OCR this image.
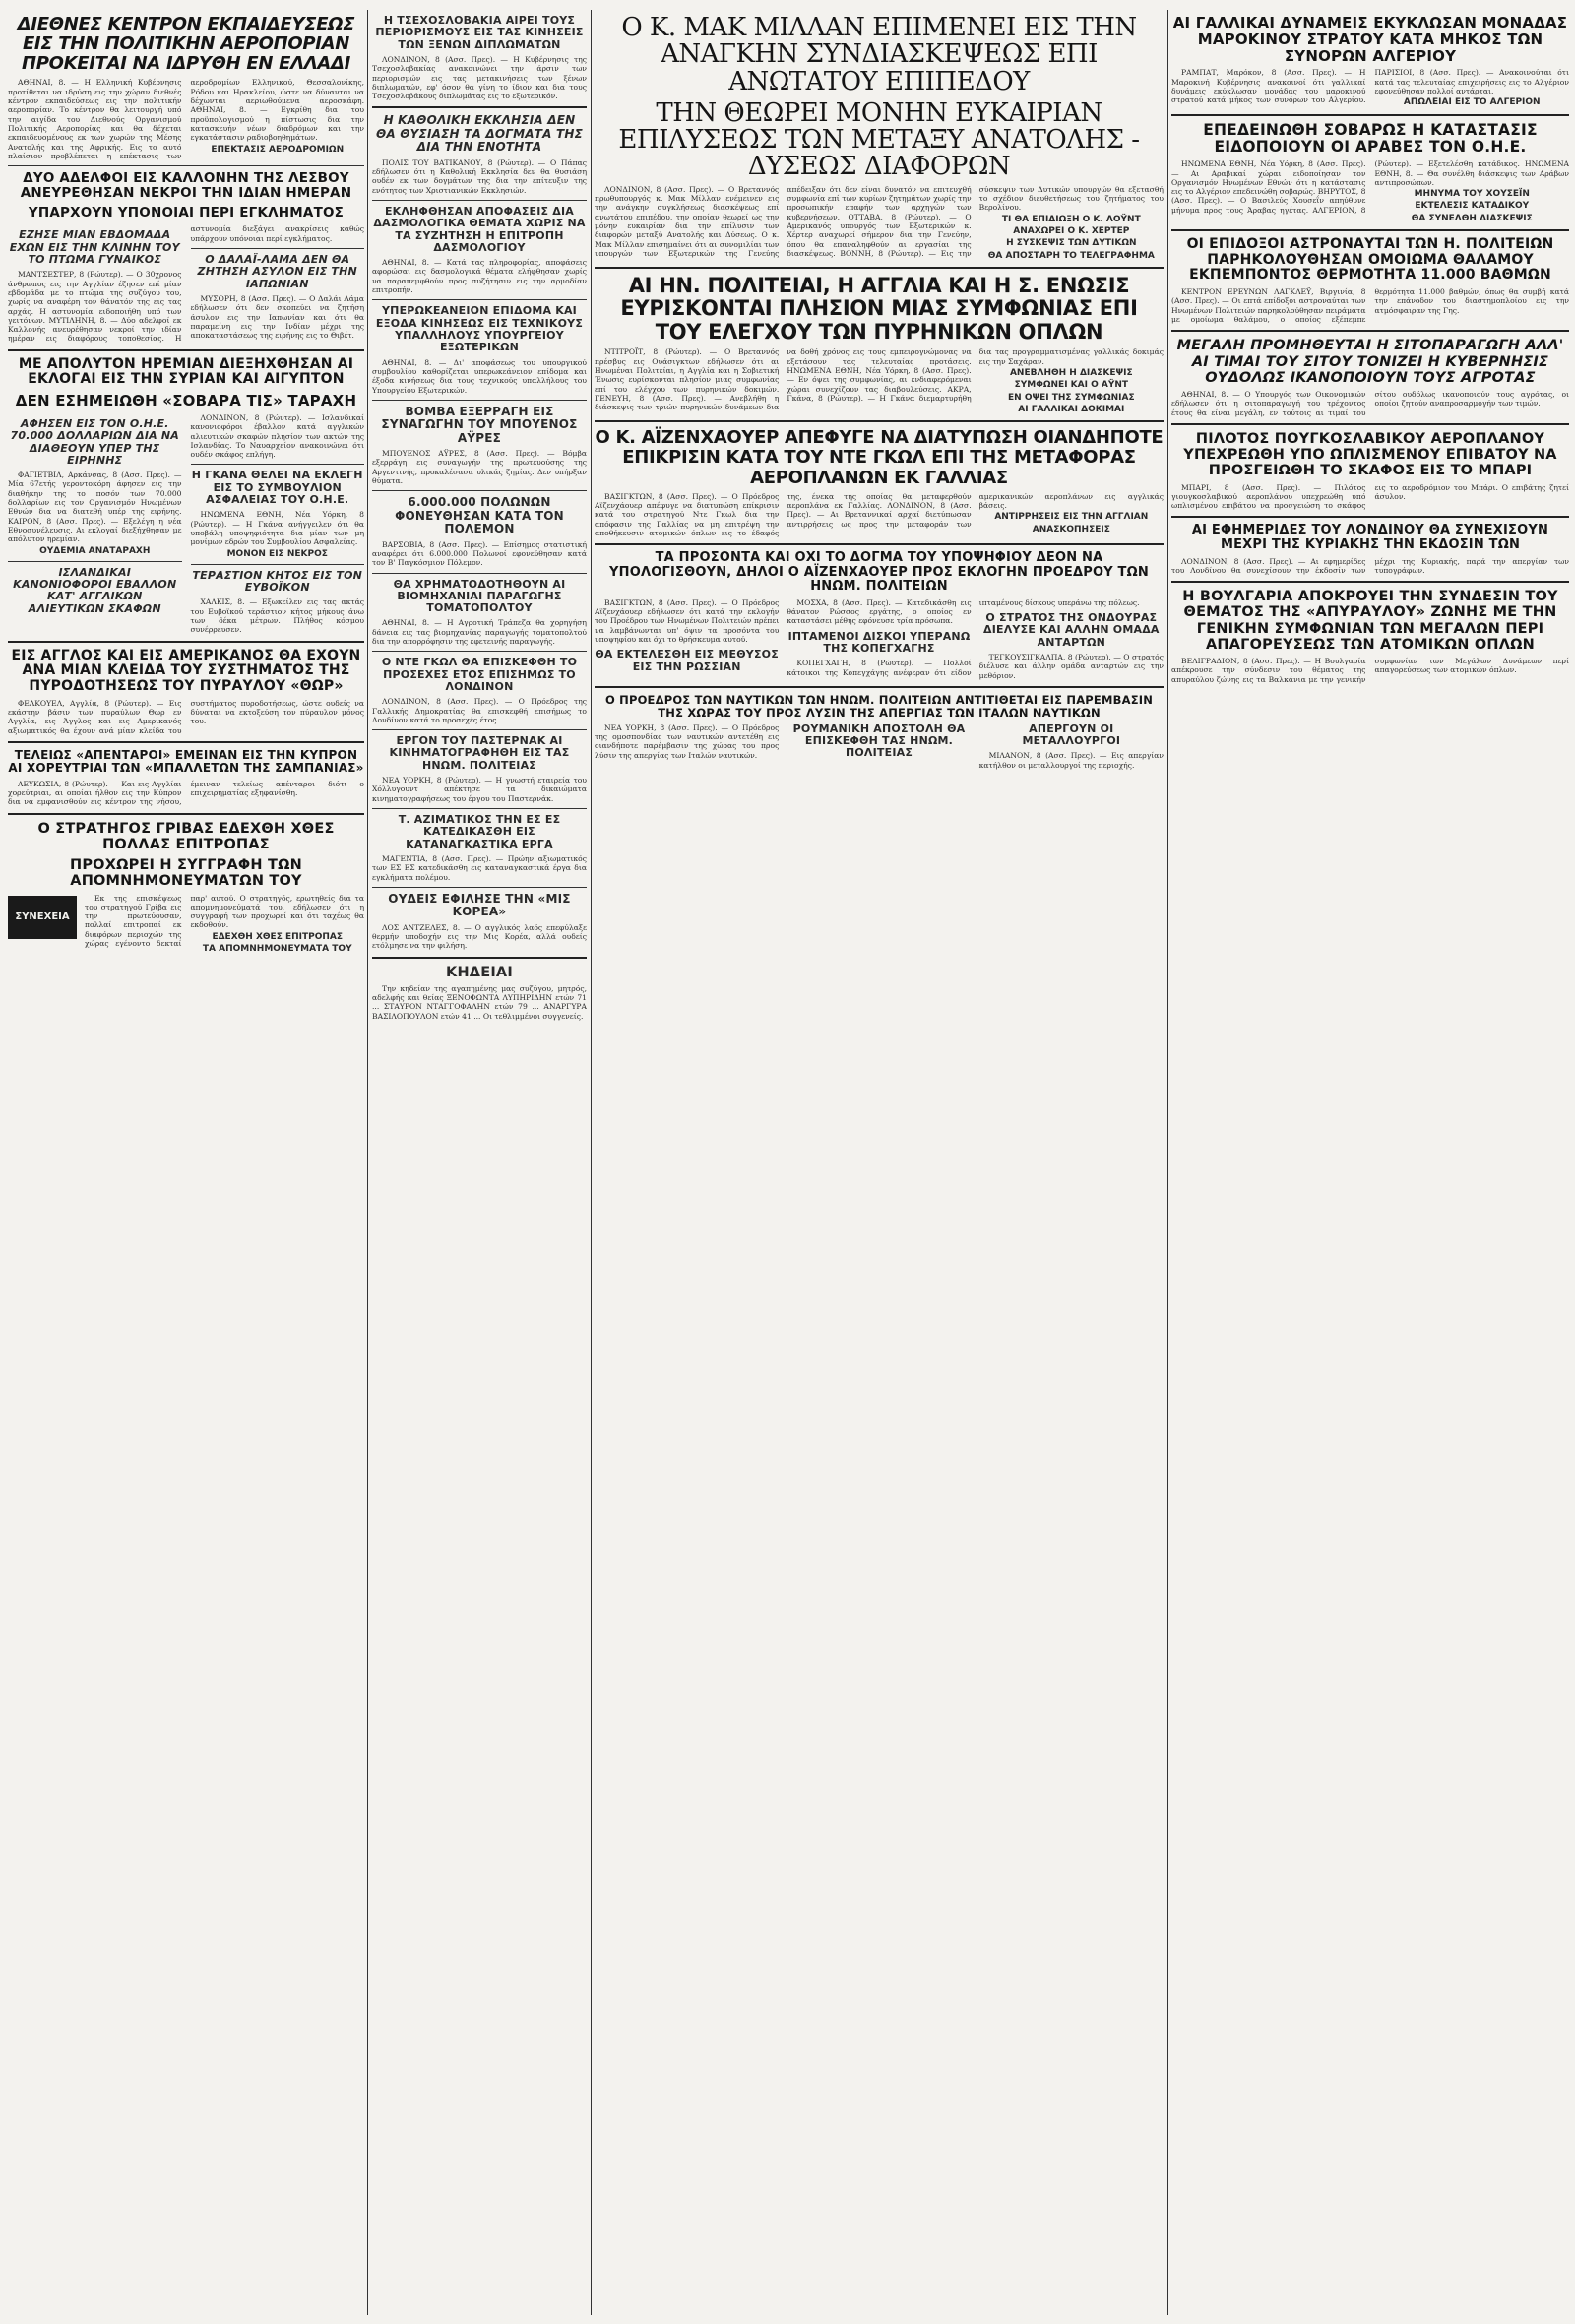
ΔΙΕΘΝΕΣ ΚΕΝΤΡΟΝ ΕΚΠΑΙΔΕΥΣΕΩΣ ΕΙΣ ΤΗΝ ΠΟΛΙΤΙΚΗΝ ΑΕΡΟΠΟΡΙΑΝ ΠΡΟΚΕΙΤΑΙ ΝΑ ΙΔΡΥΘΗ ΕΝ ΕΛΛΑΔΙ

ΑΘΗΝΑΙ, 8. — Η Ελληνική Κυβέρνησις προτίθεται να ιδρύση εις την χώραν διεθνές κέντρον εκπαιδεύσεως εις την πολιτικήν αεροπορίαν. Το κέντρον θα λειτουργή υπό την αιγίδα του Διεθνούς Οργανισμού Πολιτικής Αεροπορίας και θα δέχεται εκπαιδευομένους εκ των χωρών της Μέσης Ανατολής και της Αφρικής. Εις το αυτό πλαίσιον προβλέπεται η επέκτασις των αεροδρομίων Ελληνικού, Θεσσαλονίκης, Ρόδου και Ηρακλείου, ώστε να δύνανται να δέχωνται αεριωθούμενα αεροσκάφη. ΑΘΗΝΑΙ, 8. — Εγκρίθη δια του προϋπολογισμού η πίστωσις δια την κατασκευήν νέων διαδρόμων και την εγκατάστασιν ραδιοβοηθημάτων.

ΕΠΕΚΤΑΣΙΣ ΑΕΡΟΔΡΟΜΙΩΝ
ΔΥΟ ΑΔΕΛΦΟΙ ΕΙΣ ΚΑΛΛΟΝΗΝ ΤΗΣ ΛΕΣΒΟΥ ΑΝΕΥΡΕΘΗΣΑΝ ΝΕΚΡΟΙ ΤΗΝ ΙΔΙΑΝ ΗΜΕΡΑΝ
ΥΠΑΡΧΟΥΝ ΥΠΟΝΟΙΑΙ ΠΕΡΙ ΕΓΚΛΗΜΑΤΟΣ
ΕΖΗΣΕ ΜΙΑΝ ΕΒΔΟΜΑΔΑ ΕΧΩΝ ΕΙΣ ΤΗΝ ΚΛΙΝΗΝ ΤΟΥ ΤΟ ΠΤΩΜΑ ΓΥΝΑΙΚΟΣ

ΜΑΝΤΣΕΣΤΕΡ, 8 (Ρώυτερ). — Ο 30χρονος άνθρωπος εις την Αγγλίαν έζησεν επί μίαν εβδομάδα με το πτώμα της συζύγου του, χωρίς να αναφέρη τον θάνατόν της εις τας αρχάς. Η αστυνομία ειδοποιήθη υπό των γειτόνων. ΜΥΤΙΛΗΝΗ, 8. — Δύο αδελφοί εκ Καλλονής ανευρέθησαν νεκροί την ιδίαν ημέραν εις διαφόρους τοποθεσίας. Η αστυνομία διεξάγει ανακρίσεις καθώς υπάρχουν υπόνοιαι περί εγκλήματος.

Ο ΔΑΛΑΪ-ΛΑΜΑ ΔΕΝ ΘΑ ΖΗΤΗΣΗ ΑΣΥΛΟΝ ΕΙΣ ΤΗΝ ΙΑΠΩΝΙΑΝ

ΜΥΣΟΡΗ, 8 (Ασσ. Πρες). — Ο Δαλάι Λάμα εδήλωσεν ότι δεν σκοπεύει να ζητήση άσυλον εις την Ιαπωνίαν και ότι θα παραμείνη εις την Ινδίαν μέχρι της αποκαταστάσεως της ειρήνης εις το Θιβέτ.

ΜΕ ΑΠΟΛΥΤΟΝ ΗΡΕΜΙΑΝ ΔΙΕΞΗΧΘΗΣΑΝ ΑΙ ΕΚΛΟΓΑΙ ΕΙΣ ΤΗΝ ΣΥΡΙΑΝ ΚΑΙ ΑΙΓΥΠΤΟΝ
ΔΕΝ ΕΣΗΜΕΙΩΘΗ «ΣΟΒΑΡΑ ΤΙΣ» ΤΑΡΑΧΗ
ΑΦΗΣΕΝ ΕΙΣ ΤΟΝ Ο.Η.Ε. 70.000 ΔΟΛΛΑΡΙΩΝ ΔΙΑ ΝΑ ΔΙΑΘΕΟΥΝ ΥΠΕΡ ΤΗΣ ΕΙΡΗΝΗΣ

ΦΑΓΙΕΤΒΙΛ, Αρκάνσας, 8 (Ασσ. Πρες). — Μία 67ετής γεροντοκόρη άφησεν εις την διαθήκην της το ποσόν των 70.000 δολλαρίων εις τον Οργανισμόν Ηνωμένων Εθνών δια να διατεθή υπέρ της ειρήνης. ΚΑΙΡΟΝ, 8 (Ασσ. Πρες). — Εξελέγη η νέα Εθνοσυνέλευσις. Αι εκλογαί διεξήχθησαν με απόλυτον ηρεμίαν.

ΟΥΔΕΜΙΑ ΑΝΑΤΑΡΑΧΗ
ΙΣΛΑΝΔΙΚΑΙ ΚΑΝΟΝΙΟΦΟΡΟΙ ΕΒΑΛΛΟΝ ΚΑΤ' ΑΓΓΛΙΚΩΝ ΑΛΙΕΥΤΙΚΩΝ ΣΚΑΦΩΝ

ΛΟΝΔΙΝΟΝ, 8 (Ρώυτερ). — Ισλανδικαί κανονιοφόροι έβαλλον κατά αγγλικών αλιευτικών σκαφών πλησίον των ακτών της Ισλανδίας. Το Ναυαρχείον ανακοινώνει ότι ουδέν σκάφος επλήγη.

Η ΓΚΑΝΑ ΘΕΛΕΙ ΝΑ ΕΚΛΕΓΗ ΕΙΣ ΤΟ ΣΥΜΒΟΥΛΙΟΝ ΑΣΦΑΛΕΙΑΣ ΤΟΥ Ο.Η.Ε.

ΗΝΩΜΕΝΑ ΕΘΝΗ, Νέα Υόρκη, 8 (Ρώυτερ). — Η Γκάνα ανήγγειλεν ότι θα υποβάλη υποψηφιότητα δια μίαν των μη μονίμων εδρών του Συμβουλίου Ασφαλείας.

ΜΟΝΟΝ ΕΙΣ ΝΕΚΡΟΣ
ΤΕΡΑΣΤΙΟΝ ΚΗΤΟΣ ΕΙΣ ΤΟΝ ΕΥΒΟΪΚΟΝ

ΧΑΛΚΙΣ, 8. — Εξωκείλεν εις τας ακτάς του Ευβοϊκού τεράστιον κήτος μήκους άνω των δέκα μέτρων. Πλήθος κόσμου συνέρρευσεν.

ΕΙΣ ΑΓΓΛΟΣ ΚΑΙ ΕΙΣ ΑΜΕΡΙΚΑΝΟΣ ΘΑ ΕΧΟΥΝ ΑΝΑ ΜΙΑΝ ΚΛΕΙΔΑ ΤΟΥ ΣΥΣΤΗΜΑΤΟΣ ΤΗΣ ΠΥΡΟΔΟΤΗΣΕΩΣ ΤΟΥ ΠΥΡΑΥΛΟΥ «ΘΩΡ»

ΦΕΛΚΟΥΕΛ, Αγγλία, 8 (Ρώυτερ). — Εις εκάστην βάσιν των πυραύλων Θωρ εν Αγγλία, εις Άγγλος και εις Αμερικανός αξιωματικός θα έχουν ανά μίαν κλείδα του συστήματος πυροδοτήσεως, ώστε ουδείς να δύναται να εκτοξεύση τον πύραυλον μόνος του.

ΤΕΛΕΙΩΣ «ΑΠΕΝΤΑΡΟΙ» ΕΜΕΙΝΑΝ ΕΙΣ ΤΗΝ ΚΥΠΡΟΝ ΑΙ ΧΟΡΕΥΤΡΙΑΙ ΤΩΝ «ΜΠΑΛΛΕΤΩΝ ΤΗΣ ΣΑΜΠΑΝΙΑΣ»

ΛΕΥΚΩΣΙΑ, 8 (Ρώυτερ). — Και εις Αγγλίαι χορεύτριαι, αι οποίαι ήλθον εις την Κύπρον δια να εμφανισθούν εις κέντρον της νήσου, έμειναν τελείως απένταροι διότι ο επιχειρηματίας εξηφανίσθη.

Ο ΣΤΡΑΤΗΓΟΣ ΓΡΙΒΑΣ ΕΔΕΧΘΗ ΧΘΕΣ ΠΟΛΛΑΣ ΕΠΙΤΡΟΠΑΣ
ΠΡΟΧΩΡΕΙ Η ΣΥΓΓΡΑΦΗ ΤΩΝ ΑΠΟΜΝΗΜΟΝΕΥΜΑΤΩΝ ΤΟΥ
ΣΥΝΕΧΕΙΑ

Εκ της επισκέψεως του στρατηγού Γρίβα εις την πρωτεύουσαν, πολλαί επιτροπαί εκ διαφόρων περιοχών της χώρας εγένοντο δεκταί παρ' αυτού. Ο στρατηγός, ερωτηθείς δια τα απομνημονεύματά του, εδήλωσεν ότι η συγγραφή των προχωρεί και ότι ταχέως θα εκδοθούν.

ΕΔΕΧΘΗ ΧΘΕΣ ΕΠΙΤΡΟΠΑΣ
ΤΑ ΑΠΟΜΝΗΜΟΝΕΥΜΑΤΑ ΤΟΥ
Η ΤΣΕΧΟΣΛΟΒΑΚΙΑ ΑΙΡΕΙ ΤΟΥΣ ΠΕΡΙΟΡΙΣΜΟΥΣ ΕΙΣ ΤΑΣ ΚΙΝΗΣΕΙΣ ΤΩΝ ΞΕΝΩΝ ΔΙΠΛΩΜΑΤΩΝ

ΛΟΝΔΙΝΟΝ, 8 (Ασσ. Πρες). — Η Κυβέρνησις της Τσεχοσλοβακίας ανακοινώνει την άρσιν των περιορισμών εις τας μετακινήσεις των ξένων διπλωματών, εφ' όσον θα γίνη το ίδιον και δια τους Τσεχοσλοβάκους διπλωμάτας εις το εξωτερικόν.

Η ΚΑΘΟΛΙΚΗ ΕΚΚΛΗΣΙΑ ΔΕΝ ΘΑ ΘΥΣΙΑΣΗ ΤΑ ΔΟΓΜΑΤΑ ΤΗΣ ΔΙΑ ΤΗΝ ΕΝΟΤΗΤΑ

ΠΟΛΙΣ ΤΟΥ ΒΑΤΙΚΑΝΟΥ, 8 (Ρώυτερ). — Ο Πάπας εδήλωσεν ότι η Καθολική Εκκλησία δεν θα θυσιάση ουδέν εκ των δογμάτων της δια την επίτευξιν της ενότητος των Χριστιανικών Εκκλησιών.

ΕΚΛΗΦΘΗΣΑΝ ΑΠΟΦΑΣΕΙΣ ΔΙΑ ΔΑΣΜΟΛΟΓΙΚΑ ΘΕΜΑΤΑ ΧΩΡΙΣ ΝΑ ΤΑ ΣΥΖΗΤΗΣΗ Η ΕΠΙΤΡΟΠΗ ΔΑΣΜΟΛΟΓΙΟΥ

ΑΘΗΝΑΙ, 8. — Κατά τας πληροφορίας, αποφάσεις αφορώσαι εις δασμολογικά θέματα ελήφθησαν χωρίς να παραπεμφθούν προς συζήτησιν εις την αρμοδίαν επιτροπήν.

ΥΠΕΡΩΚΕΑΝΕΙΟΝ ΕΠΙΔΟΜΑ ΚΑΙ ΕΞΟΔΑ ΚΙΝΗΣΕΩΣ ΕΙΣ ΤΕΧΝΙΚΟΥΣ ΥΠΑΛΛΗΛΟΥΣ ΥΠΟΥΡΓΕΙΟΥ ΕΞΩΤΕΡΙΚΩΝ

ΑΘΗΝΑΙ, 8. — Δι' αποφάσεως του υπουργικού συμβουλίου καθορίζεται υπερωκεάνειον επίδομα και έξοδα κινήσεως δια τους τεχνικούς υπαλλήλους του Υπουργείου Εξωτερικών.

ΒΟΜΒΑ ΕΞΕΡΡΑΓΗ ΕΙΣ ΣΥΝΑΓΩΓΗΝ ΤΟΥ ΜΠΟΥΕΝΟΣ ΑΫΡΕΣ

ΜΠΟΥΕΝΟΣ ΑΫΡΕΣ, 8 (Ασσ. Πρες). — Βόμβα εξερράγη εις συναγωγήν της πρωτευούσης της Αργεντινής, προκαλέσασα υλικάς ζημίας. Δεν υπήρξαν θύματα.

6.000.000 ΠΟΛΩΝΩΝ ΦΟΝΕΥΘΗΣΑΝ ΚΑΤΑ ΤΟΝ ΠΟΛΕΜΟΝ

ΒΑΡΣΟΒΙΑ, 8 (Ασσ. Πρες). — Επίσημος στατιστική αναφέρει ότι 6.000.000 Πολωνοί εφονεύθησαν κατά τον Β' Παγκόσμιον Πόλεμον.

ΘΑ ΧΡΗΜΑΤΟΔΟΤΗΘΟΥΝ ΑΙ ΒΙΟΜΗΧΑΝΙΑΙ ΠΑΡΑΓΩΓΗΣ ΤΟΜΑΤΟΠΟΛΤΟΥ

ΑΘΗΝΑΙ, 8. — Η Αγροτική Τράπεζα θα χορηγήση δάνεια εις τας βιομηχανίας παραγωγής τοματοπολτού δια την απορρόφησιν της εφετεινής παραγωγής.

Ο ΝΤΕ ΓΚΩΛ ΘΑ ΕΠΙΣΚΕΦΘΗ ΤΟ ΠΡΟΣΕΧΕΣ ΕΤΟΣ ΕΠΙΣΗΜΩΣ ΤΟ ΛΟΝΔΙΝΟΝ

ΛΟΝΔΙΝΟΝ, 8 (Ασσ. Πρες). — Ο Πρόεδρος της Γαλλικής Δημοκρατίας θα επισκεφθή επισήμως το Λονδίνον κατά το προσεχές έτος.

ΕΡΓΟΝ ΤΟΥ ΠΑΣΤΕΡΝΑΚ ΑΙ ΚΙΝΗΜΑΤΟΓΡΑΦΗΘΗ ΕΙΣ ΤΑΣ ΗΝΩΜ. ΠΟΛΙΤΕΙΑΣ

ΝΕΑ ΥΟΡΚΗ, 8 (Ρώυτερ). — Η γνωστή εταιρεία του Χόλλυγουντ απέκτησε τα δικαιώματα κινηματογραφήσεως του έργου του Παστερνάκ.

Τ. ΑΖΙΜΑΤΙΚΟΣ ΤΗΝ ΕΣ ΕΣ ΚΑΤΕΔΙΚΑΣΘΗ ΕΙΣ ΚΑΤΑΝΑΓΚΑΣΤΙΚΑ ΕΡΓΑ

ΜΑΓΕΝΤΙΑ, 8 (Ασσ. Πρες). — Πρώην αξιωματικός των ΕΣ ΕΣ κατεδικάσθη εις καταναγκαστικά έργα δια εγκλήματα πολέμου.

ΟΥΔΕΙΣ ΕΦΙΛΗΣΕ ΤΗΝ «ΜΙΣ ΚΟΡΕΑ»

ΛΟΣ ΑΝΤΖΕΛΕΣ, 8. — Ο αγγλικός λαός επεφύλαξε θερμήν υποδοχήν εις την Μις Κορέα, αλλά ουδείς ετόλμησε να την φιλήση.

ΚΗΔΕΙΑΙ

Την κηδείαν της αγαπημένης μας συζύγου, μητρός, αδελφής και θείας ΞΕΝΟΦΩΝΤΑ ΛΥΠΗΡΙΔΗΝ ετών 71 ... ΣΤΑΥΡΟΝ ΝΤΑΓΓΟΦΑΛΗΝ ετών 79 ... ΑΝΑΡΓΥΡΑ ΒΑΣΙΛΟΠΟΥΛΟΝ ετών 41 ... Οι τεθλιμμένοι συγγενείς.

Ο Κ. ΜΑΚ ΜΙΛΛΑΝ ΕΠΙΜΕΝΕΙ ΕΙΣ ΤΗΝ ΑΝΑΓΚΗΝ ΣΥΝΔΙΑΣΚΕΨΕΩΣ ΕΠΙ ΑΝΩΤΑΤΟΥ ΕΠΙΠΕΔΟΥ
ΤΗΝ ΘΕΩΡΕΙ ΜΟΝΗΝ ΕΥΚΑΙΡΙΑΝ ΕΠΙΛΥΣΕΩΣ ΤΩΝ ΜΕΤΑΞΥ ΑΝΑΤΟΛΗΣ - ΔΥΣΕΩΣ ΔΙΑΦΟΡΩΝ

ΛΟΝΔΙΝΟΝ, 8 (Ασσ. Πρες). — Ο Βρεταννός πρωθυπουργός κ. Μακ Μίλλαν ενέμεινεν εις την ανάγκην συγκλήσεως διασκέψεως επί ανωτάτου επιπέδου, την οποίαν θεωρεί ως την μόνην ευκαιρίαν δια την επίλυσιν των διαφορών μεταξύ Ανατολής και Δύσεως. Ο κ. Μακ Μίλλαν επισημαίνει ότι αι συνομιλίαι των υπουργών των Εξωτερικών της Γενεύης απέδειξαν ότι δεν είναι δυνατόν να επιτευχθή συμφωνία επί των κυρίων ζητημάτων χωρίς την προσωπικήν επαφήν των αρχηγών των κυβερνήσεων. ΟΤΤΑΒΑ, 8 (Ρώυτερ). — Ο Αμερικανός υπουργός των Εξωτερικών κ. Χέρτερ αναχωρεί σήμερον δια την Γενεύην, όπου θα επαναληφθούν αι εργασίαι της διασκέψεως. ΒΟΝΝΗ, 8 (Ρώυτερ). — Εις την σύσκεψιν των Δυτικών υπουργών θα εξετασθή το σχέδιον διευθετήσεως του ζητήματος του Βερολίνου.

ΤΙ ΘΑ ΕΠΙΔΙΩΞΗ Ο Κ. ΛΟΫΝΤ
ΑΝΑΧΩΡΕΙ Ο Κ. ΧΕΡΤΕΡ
Η ΣΥΣΚΕΨΙΣ ΤΩΝ ΔΥΤΙΚΩΝ
ΘΑ ΑΠΟΣΤΑΡΗ ΤΟ ΤΕΛΕΓΡΑΦΗΜΑ
ΑΙ ΗΝ. ΠΟΛΙΤΕΙΑΙ, Η ΑΓΓΛΙΑ ΚΑΙ Η Σ. ΕΝΩΣΙΣ ΕΥΡΙΣΚΟΝΤΑΙ ΠΛΗΣΙΟΝ ΜΙΑΣ ΣΥΜΦΩΝΙΑΣ ΕΠΙ ΤΟΥ ΕΛΕΓΧΟΥ ΤΩΝ ΠΥΡΗΝΙΚΩΝ ΟΠΛΩΝ

ΝΤΙΤΡΟΪΤ, 8 (Ρώυτερ). — Ο Βρεταννός πρέσβυς εις Ουάσιγκτων εδήλωσεν ότι αι Ηνωμέναι Πολιτείαι, η Αγγλία και η Σοβιετική Ένωσις ευρίσκονται πλησίον μιας συμφωνίας επί του ελέγχου των πυρηνικών δοκιμών. ΓΕΝΕΥΗ, 8 (Ασσ. Πρες). — Ανεβλήθη η διάσκεψις των τριών πυρηνικών δυνάμεων δια να δοθή χρόνος εις τους εμπειρογνώμονας να εξετάσουν τας τελευταίας προτάσεις. ΗΝΩΜΕΝΑ ΕΘΝΗ, Νέα Υόρκη, 8 (Ασσ. Πρες). — Εν όψει της συμφωνίας, αι ενδιαφερόμεναι χώραι συνεχίζουν τας διαβουλεύσεις. ΑΚΡΑ, Γκάνα, 8 (Ρώυτερ). — Η Γκάνα διεμαρτυρήθη δια τας προγραμματισμένας γαλλικάς δοκιμάς εις την Σαχάραν.

ΑΝΕΒΛΗΘΗ Η ΔΙΑΣΚΕΨΙΣ
ΣΥΜΦΩΝΕΙ ΚΑΙ Ο ΑΫΝΤ
ΕΝ ΟΨΕΙ ΤΗΣ ΣΥΜΦΩΝΙΑΣ
ΑΙ ΓΑΛΛΙΚΑΙ ΔΟΚΙΜΑΙ
Ο Κ. ΑΪΖΕΝΧΑΟΥΕΡ ΑΠΕΦΥΓΕ ΝΑ ΔΙΑΤΥΠΩΣΗ ΟΙΑΝΔΗΠΟΤΕ ΕΠΙΚΡΙΣΙΝ ΚΑΤΑ ΤΟΥ ΝΤΕ ΓΚΩΛ ΕΠΙ ΤΗΣ ΜΕΤΑΦΟΡΑΣ ΑΕΡΟΠΛΑΝΩΝ ΕΚ ΓΑΛΛΙΑΣ

ΒΑΣΙΓΚΤΩΝ, 8 (Ασσ. Πρες). — Ο Πρόεδρος Αϊζενχάουερ απέφυγε να διατυπώση επίκρισιν κατά του στρατηγού Ντε Γκωλ δια την απόφασιν της Γαλλίας να μη επιτρέψη την αποθήκευσιν ατομικών όπλων εις το έδαφός της, ένεκα της οποίας θα μεταφερθούν αεροπλάνα εκ Γαλλίας. ΛΟΝΔΙΝΟΝ, 8 (Ασσ. Πρες). — Αι Βρεταννικαί αρχαί διετύπωσαν αντιρρήσεις ως προς την μεταφοράν των αμερικανικών αεροπλάνων εις αγγλικάς βάσεις.

ΑΝΤΙΡΡΗΣΕΙΣ ΕΙΣ ΤΗΝ ΑΓΓΛΙΑΝ
ΑΝΑΣΚΟΠΗΣΕΙΣ
ΤΑ ΠΡΟΣΟΝΤΑ ΚΑΙ ΟΧΙ ΤΟ ΔΟΓΜΑ ΤΟΥ ΥΠΟΨΗΦΙΟΥ ΔΕΟΝ ΝΑ ΥΠΟΛΟΓΙΣΘΟΥΝ, ΔΗΛΟΙ Ο ΑΪΖΕΝΧΑΟΥΕΡ ΠΡΟΣ ΕΚΛΟΓΗΝ ΠΡΟΕΔΡΟΥ ΤΩΝ ΗΝΩΜ. ΠΟΛΙΤΕΙΩΝ

ΒΑΣΙΓΚΤΩΝ, 8 (Ασσ. Πρες). — Ο Πρόεδρος Αϊζενχάουερ εδήλωσεν ότι κατά την εκλογήν του Προέδρου των Ηνωμένων Πολιτειών πρέπει να λαμβάνωνται υπ' όψιν τα προσόντα του υποψηφίου και όχι το θρήσκευμα αυτού.

ΘΑ ΕΚΤΕΛΕΣΘΗ ΕΙΣ ΜΕΘΥΣΟΣ ΕΙΣ ΤΗΝ ΡΩΣΣΙΑΝ

ΜΟΣΧΑ, 8 (Ασσ. Πρες). — Κατεδικάσθη εις θάνατον Ρώσσος εργάτης, ο οποίος εν καταστάσει μέθης εφόνευσε τρία πρόσωπα.

ΙΠΤΑΜΕΝΟΙ ΔΙΣΚΟΙ ΥΠΕΡΑΝΩ ΤΗΣ ΚΟΠΕΓΧΑΓΗΣ

ΚΟΠΕΓΧΑΓΗ, 8 (Ρώυτερ). — Πολλοί κάτοικοι της Κοπεγχάγης ανέφεραν ότι είδον ιπταμένους δίσκους υπεράνω της πόλεως.

Ο ΣΤΡΑΤΟΣ ΤΗΣ ΟΝΔΟΥΡΑΣ ΔΙΕΛΥΣΕ ΚΑΙ ΑΛΛΗΝ ΟΜΑΔΑ ΑΝΤΑΡΤΩΝ

ΤΕΓΚΟΥΣΙΓΚΑΛΠΑ, 8 (Ρώυτερ). — Ο στρατός διέλυσε και άλλην ομάδα ανταρτών εις την μεθόριον.

Ο ΠΡΟΕΔΡΟΣ ΤΩΝ ΝΑΥΤΙΚΩΝ ΤΩΝ ΗΝΩΜ. ΠΟΛΙΤΕΙΩΝ ΑΝΤΙΤΙΘΕΤΑΙ ΕΙΣ ΠΑΡΕΜΒΑΣΙΝ ΤΗΣ ΧΩΡΑΣ ΤΟΥ ΠΡΟΣ ΛΥΣΙΝ ΤΗΣ ΑΠΕΡΓΙΑΣ ΤΩΝ ΙΤΑΛΩΝ ΝΑΥΤΙΚΩΝ

ΝΕΑ ΥΟΡΚΗ, 8 (Ασσ. Πρες). — Ο Πρόεδρος της ομοσπονδίας των ναυτικών αντετέθη εις οιανδήποτε παρέμβασιν της χώρας του προς λύσιν της απεργίας των Ιταλών ναυτικών.

ΡΟΥΜΑΝΙΚΗ ΑΠΟΣΤΟΛΗ ΘΑ ΕΠΙΣΚΕΦΘΗ ΤΑΣ ΗΝΩΜ. ΠΟΛΙΤΕΙΑΣ
ΑΠΕΡΓΟΥΝ ΟΙ ΜΕΤΑΛΛΟΥΡΓΟΙ

ΜΙΛΑΝΟΝ, 8 (Ασσ. Πρες). — Εις απεργίαν κατήλθον οι μεταλλουργοί της περιοχής.

ΑΙ ΓΑΛΛΙΚΑΙ ΔΥΝΑΜΕΙΣ ΕΚΥΚΛΩΣΑΝ ΜΟΝΑΔΑΣ ΜΑΡΟΚΙΝΟΥ ΣΤΡΑΤΟΥ ΚΑΤΑ ΜΗΚΟΣ ΤΩΝ ΣΥΝΟΡΩΝ ΑΛΓΕΡΙΟΥ

ΡΑΜΠΑΤ, Μαρόκον, 8 (Ασσ. Πρες). — Η Μαροκινή Κυβέρνησις ανακοινοί ότι γαλλικαί δυνάμεις εκύκλωσαν μονάδας του μαροκινού στρατού κατά μήκος των συνόρων του Αλγερίου. ΠΑΡΙΣΙΟΙ, 8 (Ασσ. Πρες). — Ανακοινούται ότι κατά τας τελευταίας επιχειρήσεις εις το Αλγέριον εφονεύθησαν πολλοί αντάρται.

ΑΠΩΛΕΙΑΙ ΕΙΣ ΤΟ ΑΛΓΕΡΙΟΝ
ΕΠΕΔΕΙΝΩΘΗ ΣΟΒΑΡΩΣ Η ΚΑΤΑΣΤΑΣΙΣ ΕΙΔΟΠΟΙΟΥΝ ΟΙ ΑΡΑΒΕΣ ΤΟΝ Ο.Η.Ε.

ΗΝΩΜΕΝΑ ΕΘΝΗ, Νέα Υόρκη, 8 (Ασσ. Πρες). — Αι Αραβικαί χώραι ειδοποίησαν τον Οργανισμόν Ηνωμένων Εθνών ότι η κατάστασις εις το Αλγέριον επεδεινώθη σοβαρώς. ΒΗΡΥΤΟΣ, 8 (Ασσ. Πρες). — Ο Βασιλεύς Χουσεΐν απηύθυνε μήνυμα προς τους Άραβας ηγέτας. ΑΛΓΕΡΙΟΝ, 8 (Ρώυτερ). — Εξετελέσθη κατάδικος. ΗΝΩΜΕΝΑ ΕΘΝΗ, 8. — Θα συνέλθη διάσκεψις των Αράβων αντιπροσώπων.

ΜΗΝΥΜΑ ΤΟΥ ΧΟΥΣΕΪΝ
ΕΚΤΕΛΕΣΙΣ ΚΑΤΑΔΙΚΟΥ
ΘΑ ΣΥΝΕΛΘΗ ΔΙΑΣΚΕΨΙΣ
ΟΙ ΕΠΙΔΟΞΟΙ ΑΣΤΡΟΝΑΥΤΑΙ ΤΩΝ Η. ΠΟΛΙΤΕΙΩΝ ΠΑΡΗΚΟΛΟΥΘΗΣΑΝ ΟΜΟΙΩΜΑ ΘΑΛΑΜΟΥ ΕΚΠΕΜΠΟΝΤΟΣ ΘΕΡΜΟΤΗΤΑ 11.000 ΒΑΘΜΩΝ

ΚΕΝΤΡΟΝ ΕΡΕΥΝΩΝ ΛΑΓΚΛΕΫ, Βιργινία, 8 (Ασσ. Πρες). — Οι επτά επίδοξοι αστροναύται των Ηνωμένων Πολιτειών παρηκολούθησαν πειράματα με ομοίωμα θαλάμου, ο οποίος εξέπεμπε θερμότητα 11.000 βαθμών, όπως θα συμβή κατά την επάνοδον του διαστημοπλοίου εις την ατμόσφαιραν της Γης.

ΜΕΓΑΛΗ ΠΡΟΜΗΘΕΥΤΑΙ Η ΣΙΤΟΠΑΡΑΓΩΓΗ ΑΛΛ' ΑΙ ΤΙΜΑΙ ΤΟΥ ΣΙΤΟΥ ΤΟΝΙΖΕΙ Η ΚΥΒΕΡΝΗΣΙΣ ΟΥΔΟΛΩΣ ΙΚΑΝΟΠΟΙΟΥΝ ΤΟΥΣ ΑΓΡΟΤΑΣ

ΑΘΗΝΑΙ, 8. — Ο Υπουργός των Οικονομικών εδήλωσεν ότι η σιτοπαραγωγή του τρέχοντος έτους θα είναι μεγάλη, εν τούτοις αι τιμαί του σίτου ουδόλως ικανοποιούν τους αγρότας, οι οποίοι ζητούν αναπροσαρμογήν των τιμών.

ΠΙΛΟΤΟΣ ΠΟΥΓΚΟΣΛΑΒΙΚΟΥ ΑΕΡΟΠΛΑΝΟΥ ΥΠΕΧΡΕΩΘΗ ΥΠΟ ΩΠΛΙΣΜΕΝΟΥ ΕΠΙΒΑΤΟΥ ΝΑ ΠΡΟΣΓΕΙΩΘΗ ΤΟ ΣΚΑΦΟΣ ΕΙΣ ΤΟ ΜΠΑΡΙ

ΜΠΑΡΙ, 8 (Ασσ. Πρες). — Πιλότος γιουγκοσλαβικού αεροπλάνου υπεχρεώθη υπό ωπλισμένου επιβάτου να προσγειώση το σκάφος εις το αεροδρόμιον του Μπάρι. Ο επιβάτης ζητεί άσυλον.

ΑΙ ΕΦΗΜΕΡΙΔΕΣ ΤΟΥ ΛΟΝΔΙΝΟΥ ΘΑ ΣΥΝΕΧΙΣΟΥΝ ΜΕΧΡΙ ΤΗΣ ΚΥΡΙΑΚΗΣ ΤΗΝ ΕΚΔΟΣΙΝ ΤΩΝ

ΛΟΝΔΙΝΟΝ, 8 (Ασσ. Πρες). — Αι εφημερίδες του Λονδίνου θα συνεχίσουν την έκδοσίν των μέχρι της Κυριακής, παρά την απεργίαν των τυπογράφων.

Η ΒΟΥΛΓΑΡΙΑ ΑΠΟΚΡΟΥΕΙ ΤΗΝ ΣΥΝΔΕΣΙΝ ΤΟΥ ΘΕΜΑΤΟΣ ΤΗΣ «ΑΠΥΡΑΥΛΟΥ» ΖΩΝΗΣ ΜΕ ΤΗΝ ΓΕΝΙΚΗΝ ΣΥΜΦΩΝΙΑΝ ΤΩΝ ΜΕΓΑΛΩΝ ΠΕΡΙ ΑΠΑΓΟΡΕΥΣΕΩΣ ΤΩΝ ΑΤΟΜΙΚΩΝ ΟΠΛΩΝ

ΒΕΛΙΓΡΑΔΙΟΝ, 8 (Ασσ. Πρες). — Η Βουλγαρία απέκρουσε την σύνδεσιν του θέματος της απυραύλου ζώνης εις τα Βαλκάνια με την γενικήν συμφωνίαν των Μεγάλων Δυνάμεων περί απαγορεύσεως των ατομικών όπλων.
